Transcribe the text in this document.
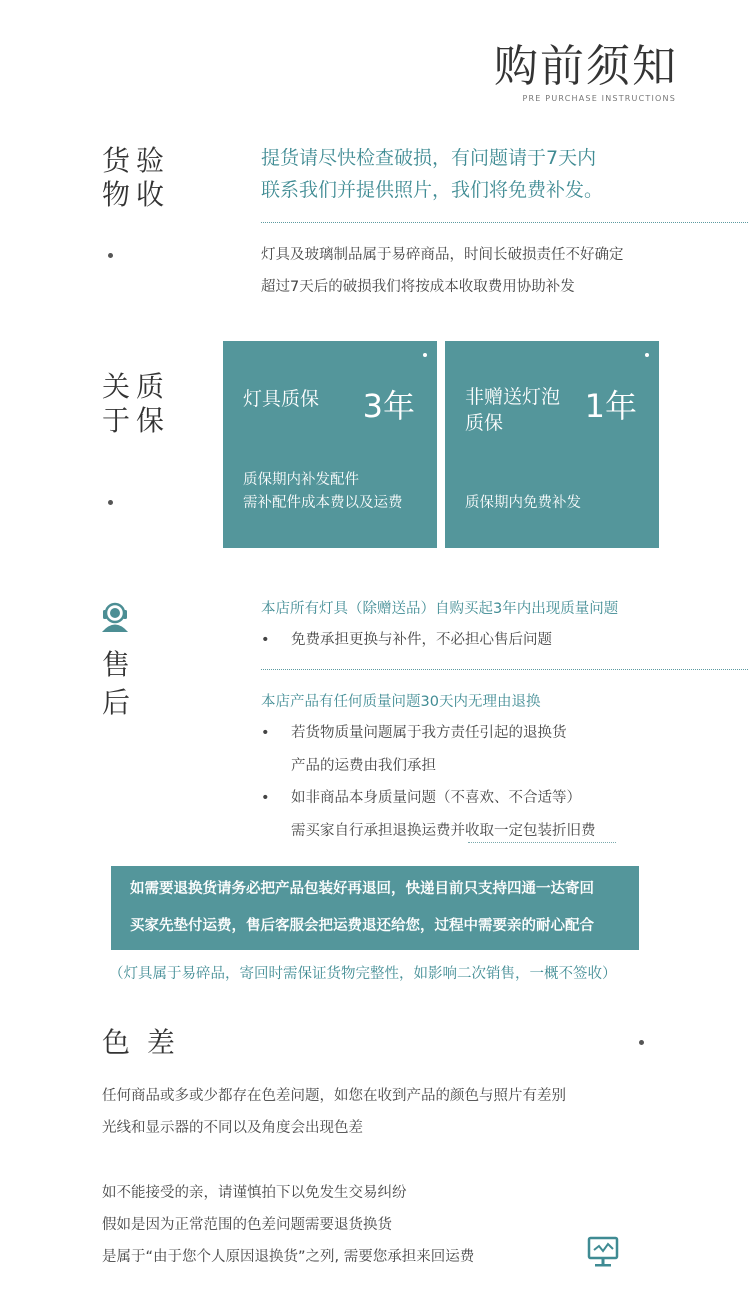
购前须知
PRE PURCHASE INSTRUCTIONS
货
物
验
收
提货请尽快检查破损，有问题请于7天内
联系我们并提供照片，我们将免费补发。
灯具及玻璃制品属于易碎商品，时间长破损责任不好确定
超过7天后的破损我们将按成本收取费用协助补发
关
于
质
保
灯具质保 3年
质保期内补发配件
需补配件成本费以及运费
非赠送灯泡
质保	1年
质保期内免费补发
售
后
本店所有灯具（除赠送品）自购买起3年内出现质量问题
• 免费承担更换与补件，不必担心售后问题
本店产品有任何质量问题30天内无理由退换
• 若货物质量问题属于我方责任引起的退换货
产品的运费由我们承担
• 如非商品本身质量问题（不喜欢、不合适等）
需买家自行承担退换运费并收取一定包装折旧费
如需要退换货请务必把产品包装好再退回，快递目前只支持四通一达寄回
买家先垫付运费，售后客服会把运费退还给您，过程中需要亲的耐心配合
（灯具属于易碎品，寄回时需保证货物完整性，如影响二次销售，一概不签收）
色 差
任何商品或多或少都存在色差问题，如您在收到产品的颜色与照片有差别
光线和显示器的不同以及角度会出现色差
如不能接受的亲，请谨慎拍下以免发生交易纠纷
假如是因为正常范围的色差问题需要退货换货
是属于“由于您个人原因退换货”之列, 需要您承担来回运费
